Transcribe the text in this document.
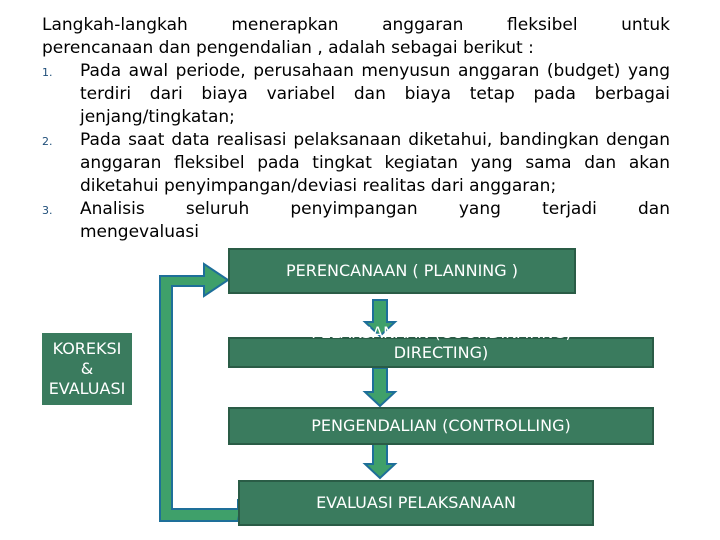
Langkah-langkah menerapkan anggaran fleksibel untuk
perencanaan dan pengendalian , adalah sebagai berikut :
1. Pada awal periode, perusahaan menyusun anggaran (budget) yang terdiri dari biaya variabel dan biaya tetap pada berbagai jenjang/tingkatan;
2. Pada saat data realisasi pelaksanaan diketahui, bandingkan dengan anggaran fleksibel pada tingkat kegiatan yang sama dan akan diketahui penyimpangan/deviasi realitas dari anggaran;
3. Analisis seluruh penyimpangan yang terjadi dan
mengevaluasi
PERENCANAAN ( PLANNING )
PELAKSANAAN (COORDINATING,
DIRECTING)
PENGENDALIAN (CONTROLLING)
EVALUASI PELAKSANAAN
KOREKSI
&
EVALUASI
